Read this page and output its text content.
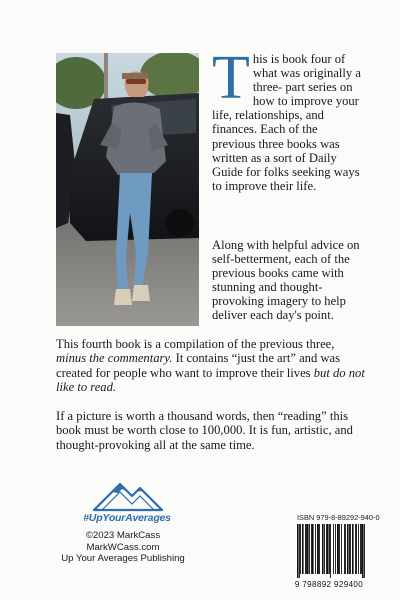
This is book four of what was originally a three- part series on how to improve your life, relationships, and finances. Each of the previous three books was written as a sort of Daily Guide for folks seeking ways to improve their life.

Along with helpful advice on self-betterment, each of the previous books came with stunning and thought-provoking imagery to help deliver each day's point.

This fourth book is a compilation of the previous three, minus the commentary. It contains “just the art” and was created for people who want to improve their lives but do not like to read.

If a picture is worth a thousand words, then “reading” this book must be worth close to 100,000. It is fun, artistic, and thought-provoking all at the same time.

#UpYourAverages
©2023 MarkCass
MarkWCass.com
Up Your Averages Publishing
ISBN 979-8-89292-940-0
9 798892 929400
